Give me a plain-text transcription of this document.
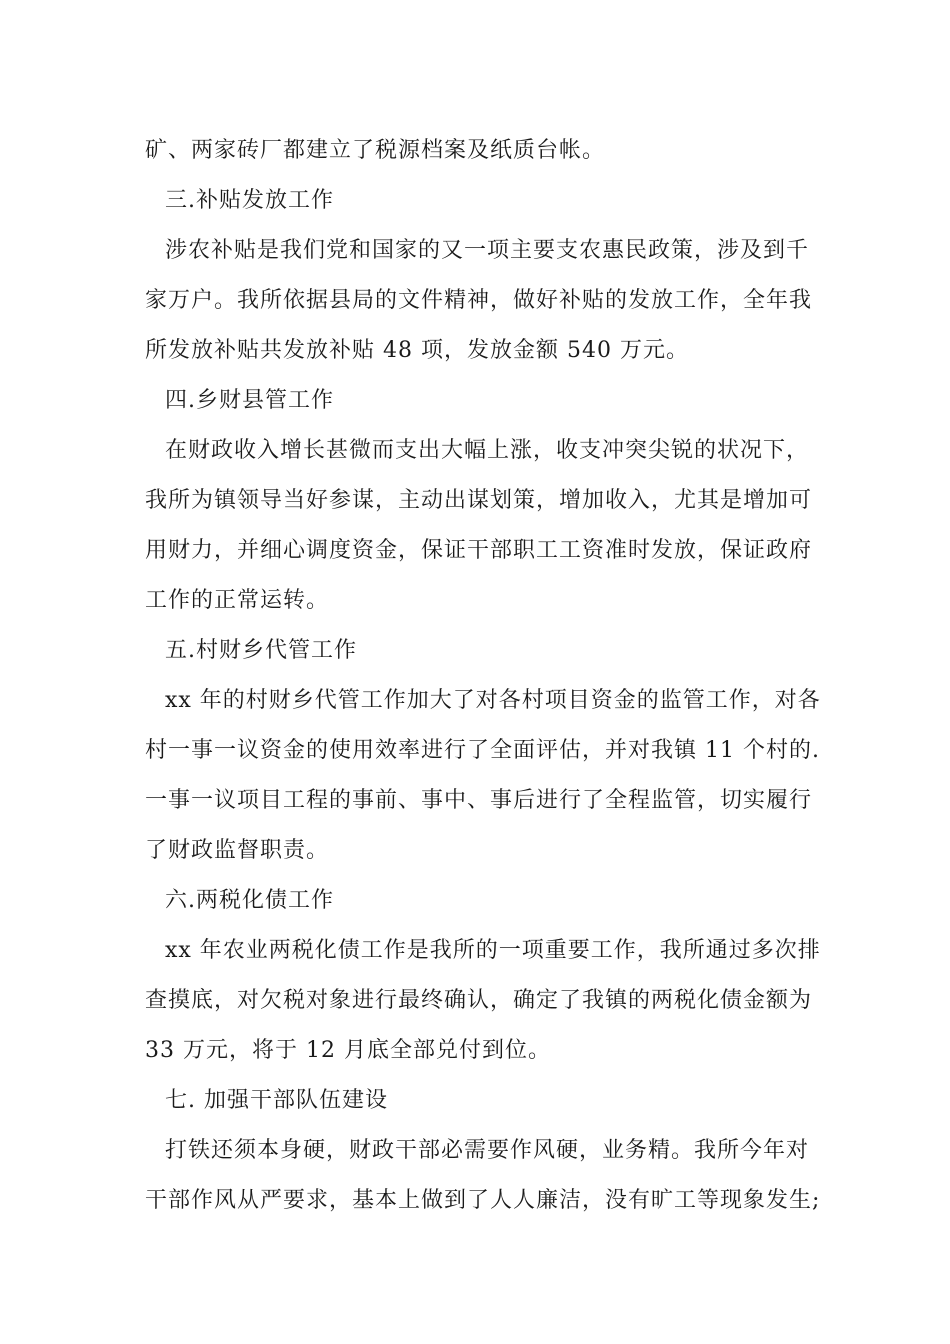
矿、两家砖厂都建立了税源档案及纸质台帐。
三.补贴发放工作
涉农补贴是我们党和国家的又一项主要支农惠民政策，涉及到千
家万户。我所依据县局的文件精神，做好补贴的发放工作，全年我
所发放补贴共发放补贴 48 项，发放金额 540 万元。
四.乡财县管工作
在财政收入增长甚微而支出大幅上涨，收支冲突尖锐的状况下，
我所为镇领导当好参谋，主动出谋划策，增加收入，尤其是增加可
用财力，并细心调度资金，保证干部职工工资准时发放，保证政府
工作的正常运转。
五.村财乡代管工作
xx 年的村财乡代管工作加大了对各村项目资金的监管工作，对各
村一事一议资金的使用效率进行了全面评估，并对我镇 11 个村的.
一事一议项目工程的事前、事中、事后进行了全程监管，切实履行
了财政监督职责。
六.两税化债工作
xx 年农业两税化债工作是我所的一项重要工作，我所通过多次排
查摸底，对欠税对象进行最终确认，确定了我镇的两税化债金额为
33 万元，将于 12 月底全部兑付到位。
七. 加强干部队伍建设
打铁还须本身硬，财政干部必需要作风硬，业务精。我所今年对
干部作风从严要求，基本上做到了人人廉洁，没有旷工等现象发生;
